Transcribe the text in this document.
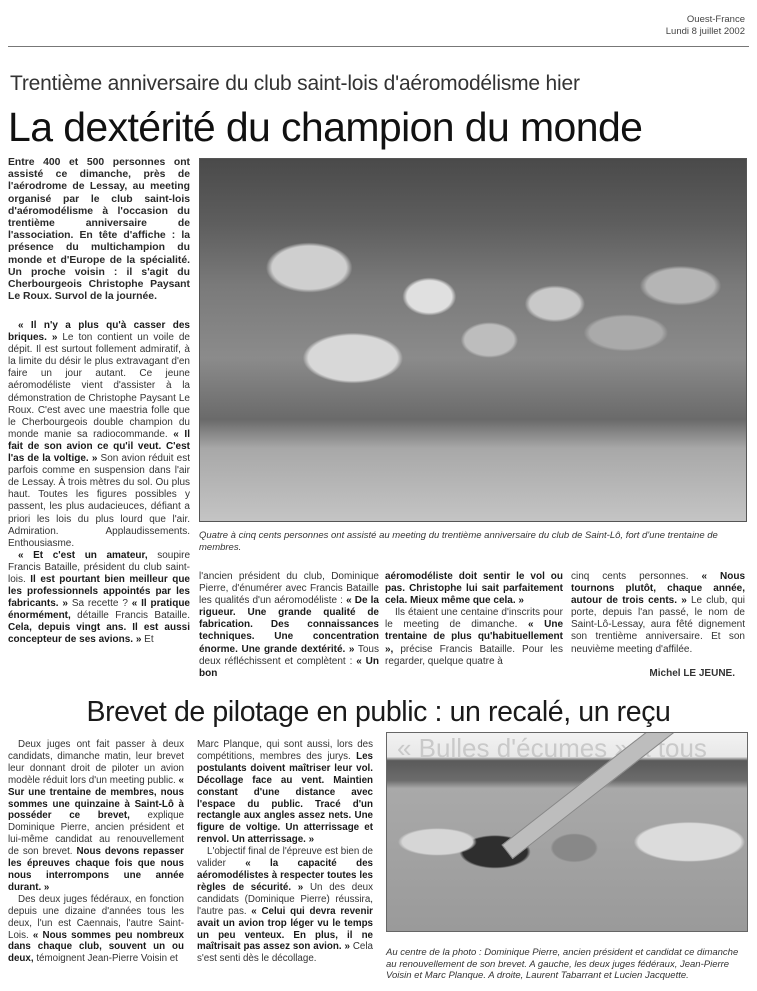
Ouest-France
Lundi 8 juillet 2002
Trentième anniversaire du club saint-lois d'aéromodélisme hier
La dextérité du champion du monde
Entre 400 et 500 personnes ont assisté ce dimanche, près de l'aérodrome de Lessay, au meeting organisé par le club saint-lois d'aéromodélisme à l'occasion du trentième anniversaire de l'association. En tête d'affiche : la présence du multichampion du monde et d'Europe de la spécialité. Un proche voisin : il s'agit du Cherbourgeois Christophe Paysant Le Roux. Survol de la journée.

« Il n'y a plus qu'à casser des briques. » Le ton contient un voile de dépit. Il est surtout follement admiratif, à la limite du désir le plus extravagant d'en faire un jour autant. Ce jeune aéromodéliste vient d'assister à la démonstration de Christophe Paysant Le Roux. C'est avec une maestria folle que le Cherbourgeois double champion du monde manie sa radiocommande. « Il fait de son avion ce qu'il veut. C'est l'as de la voltige. » Son avion réduit est parfois comme en suspension dans l'air de Lessay. À trois mètres du sol. Ou plus haut. Toutes les figures possibles y passent, les plus audacieuces, défiant a priori les lois du plus lourd que l'air. Admiration. Applaudissements. Enthousiasme.

« Et c'est un amateur, soupire Francis Bataille, président du club saint-lois. Il est pourtant bien meilleur que les professionnels appointés par les fabricants. » Sa recette ? « Il pratique énormément, détaille Francis Bataille. Cela, depuis vingt ans. Il est aussi concepteur de ses avions. » Et

Quatre à cinq cents personnes ont assisté au meeting du trentième anniversaire du club de Saint-Lô, fort d'une trentaine de membres.

l'ancien président du club, Dominique Pierre, d'énumérer avec Francis Bataille les qualités d'un aéromodéliste : « De la rigueur. Une grande qualité de fabrication. Des connaissances techniques. Une concentration énorme. Une grande dextérité. » Tous deux réfléchissent et complètent : « Un bon

aéromodéliste doit sentir le vol ou pas. Christophe lui sait parfaitement cela. Mieux même que cela. »

Ils étaient une centaine d'inscrits pour le meeting de dimanche. « Une trentaine de plus qu'habituellement », précise Francis Bataille. Pour les regarder, quelque quatre à

cinq cents personnes. « Nous tournons plutôt, chaque année, autour de trois cents. » Le club, qui porte, depuis l'an passé, le nom de Saint-Lô-Lessay, aura fêté dignement son trentième anniversaire. Et son neuvième meeting d'affilée.

Michel LE JEUNE.

Brevet de pilotage en public : un recalé, un reçu

Deux juges ont fait passer à deux candidats, dimanche matin, leur brevet leur donnant droit de piloter un avion modèle réduit lors d'un meeting public. « Sur une trentaine de membres, nous sommes une quinzaine à Saint-Lô à posséder ce brevet, explique Dominique Pierre, ancien président et lui-même candidat au renouvellement de son brevet. Nous devons repasser les épreuves chaque fois que nous nous interrompons une année durant. »

Des deux juges fédéraux, en fonction depuis une dizaine d'années tous les deux, l'un est Caennais, l'autre Saint-Lois. « Nous sommes peu nombreux dans chaque club, souvent un ou deux, témoignent Jean-Pierre Voisin et

Marc Planque, qui sont aussi, lors des compétitions, membres des jurys. Les postulants doivent maîtriser leur vol. Décollage face au vent. Maintien constant d'une distance avec l'espace du public. Tracé d'un rectangle aux angles assez nets. Une figure de voltige. Un atterrissage et renvol. Un atterrissage. »

L'objectif final de l'épreuve est bien de valider « la capacité des aéromodélistes à respecter toutes les règles de sécurité. » Un des deux candidats (Dominique Pierre) réussira, l'autre pas. « Celui qui devra revenir avait un avion trop léger vu le temps un peu venteux. En plus, il ne maîtrisait pas assez son avion. » Cela s'est senti dès le décollage.

« Bulles d'écumes » à tous
Au centre de la photo : Dominique Pierre, ancien président et candidat ce dimanche au renouvellement de son brevet. A gauche, les deux juges fédéraux, Jean-Pierre Voisin et Marc Planque. A droite, Laurent Tabarrant et Lucien Jacquette.
